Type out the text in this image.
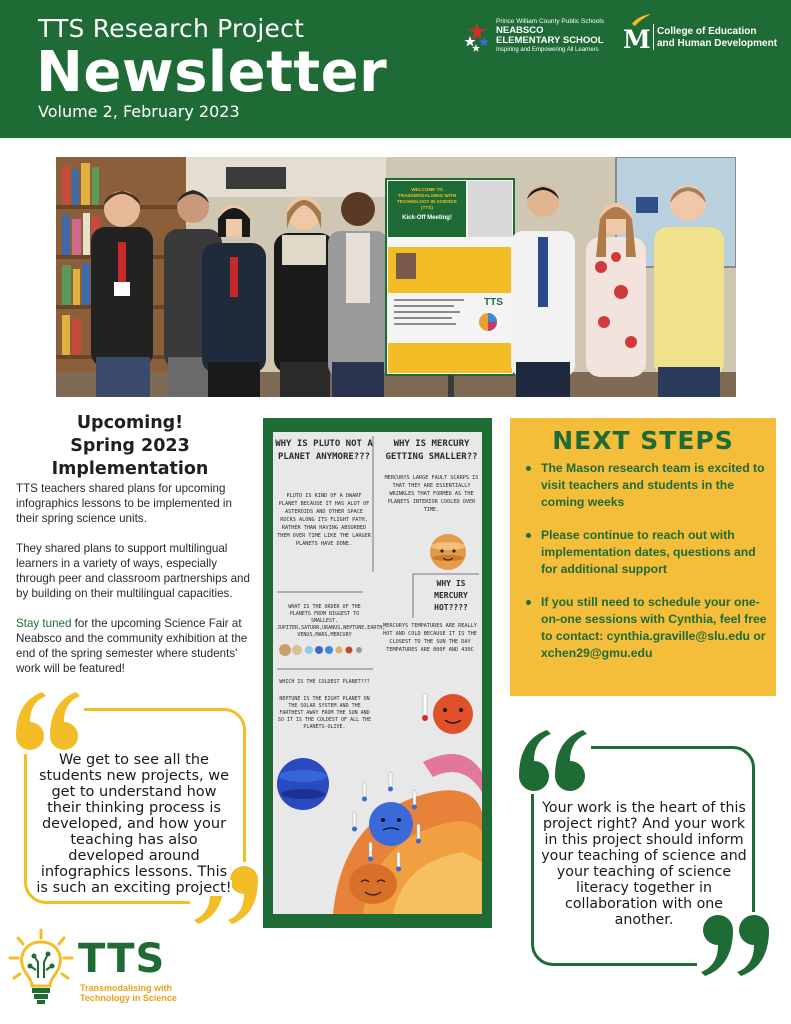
TTS Research Project
Newsletter
Volume 2, February 2023
Prince William County Public Schools
NEABSCO ELEMENTARY SCHOOL
Inspiring and Empowering All Learners M College of Education
and Human Development
WELCOME TO
TRANSMODALISING WITH
TECHNOLOGY IN SCIENCE
(TTS)
Kick-Off Meeting!
TTS
Upcoming!
Spring 2023
Implementation

TTS teachers shared plans for upcoming infographics lessons to be implemented in their spring science units.

They shared plans to support multilingual learners in a variety of ways, especially through peer and classroom partnerships and by building on their multilingual capacities.

Stay tuned for the upcoming Science Fair at Neabsco and the community exhibition at the end of the spring semester where students' work will be featured!

We get to see all the students new projects, we get to understand how their thinking process is developed, and how your teaching has also developed around infographics lessons. This is such an exciting project!
TTS
Transmodalising with
Technology in Science
WHY IS PLUTO NOT A PLANET ANYMORE???
PLUTO IS KIND OF A DWARF PLANET BECAUSE IT HAS ALOT OF ASTEROIDS AND OTHER SPACE ROCKS ALONG ITS FLIGHT PATH, RATHER THAN HAVING ABSORBED THEM OVER TIME LIKE THE LARGER PLANETS HAVE DONE.
WHY IS MERCURY GETTING SMALLER??
MERCURYS LARGE FAULT SCARPS IS THAT THEY ARE ESSENTIALLY WRINKLES THAT FORMED AS THE PLANETS INTERIOR COOLED OVER TIME.
WHY IS MERCURY HOT????
MERCURYS TEMPATURES ARE REALLY HOT AND COLD BECAUSE IT IS THE CLOSEST TO THE SUN THE DAY TEMPATURES ARE 800F AND 430C
WHAT IS THE ORDER OF THE PLANETS FROM BIGGEST TO SMALLEST. JUPITER,SATURN,URANUS,NEPTUNE,EARTH, VENUS,MARS,MERCURY
WHICH IS THE COLDEST PLANET???
NEPTUNE IS THE EIGHT PLANET ON THE SOLAR SYSTEM AND THE FARTHEST AWAY FROM THE SUN AND SO IT IS THE COLDEST OF ALL THE PLANETS-OLIVE.
NEXT STEPS
The Mason research team is excited to visit teachers and students in the coming weeks
Please continue to reach out with implementation dates, questions and for additional support
If you still need to schedule your one-on-one sessions with Cynthia, feel free to contact: cynthia.graville@slu.edu or xchen29@gmu.edu
Your work is the heart of this project right? And your work in this project should inform your teaching of science and your teaching of science literacy together in collaboration with one another.
